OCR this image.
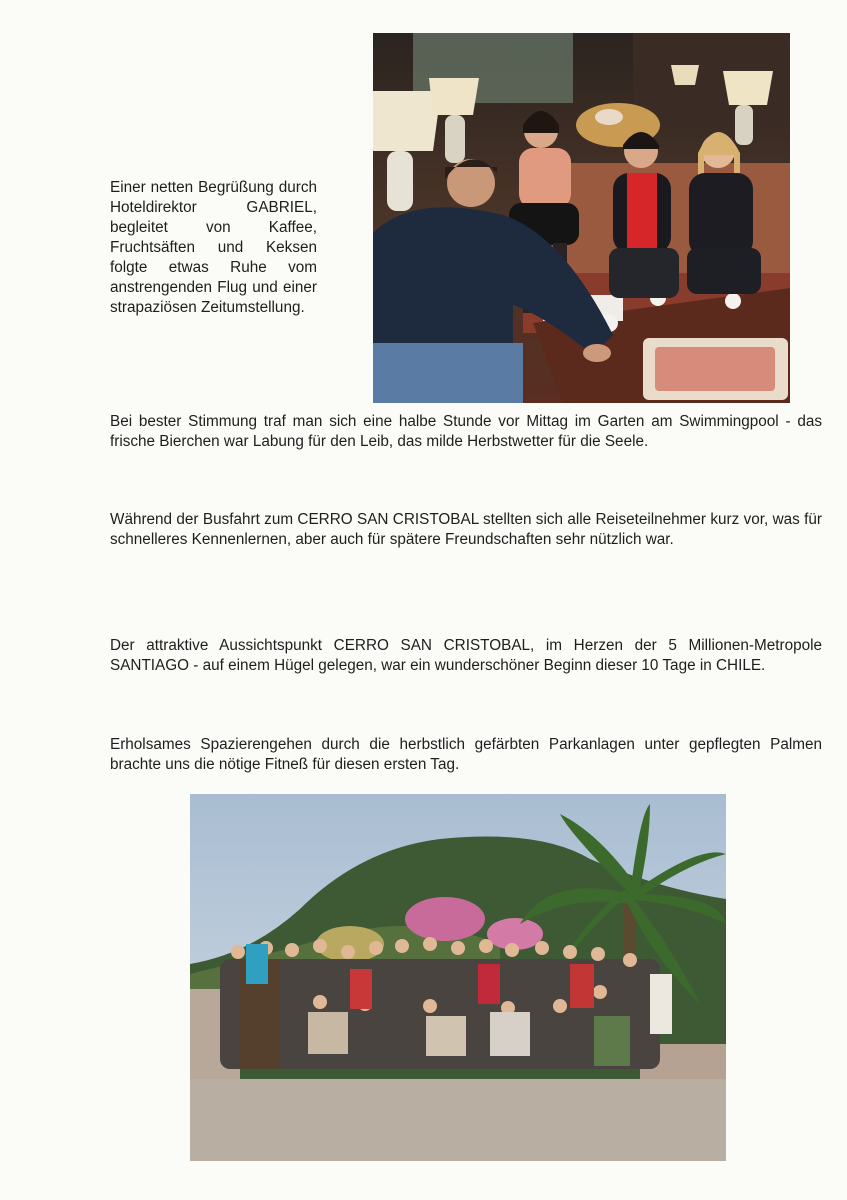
Einer netten Begrüßung durch Hoteldirektor GABRIEL, begleitet von Kaffee, Fruchtsäften und Keksen folgte etwas Ruhe vom anstrengenden Flug und einer strapaziösen Zeitumstellung.

Bei bester Stimmung traf man sich eine halbe Stunde vor Mittag im Garten am Swimmingpool - das frische Bierchen war Labung für den Leib, das milde Herbstwetter für die Seele.

Während der Busfahrt zum CERRO SAN CRISTOBAL stellten sich alle Reiseteilnehmer kurz vor, was für schnelleres Kennenlernen, aber auch für spätere Freundschaften sehr nützlich war.

Der attraktive Aussichtspunkt CERRO SAN CRISTOBAL, im Herzen der 5 Millionen-Metropole SANTIAGO - auf einem Hügel gelegen, war ein wunderschöner Beginn dieser 10 Tage in CHILE.

Erholsames Spazierengehen durch die herbstlich gefärbten Parkanlagen unter gepflegten Palmen brachte uns die nötige Fitneß für diesen ersten Tag.
